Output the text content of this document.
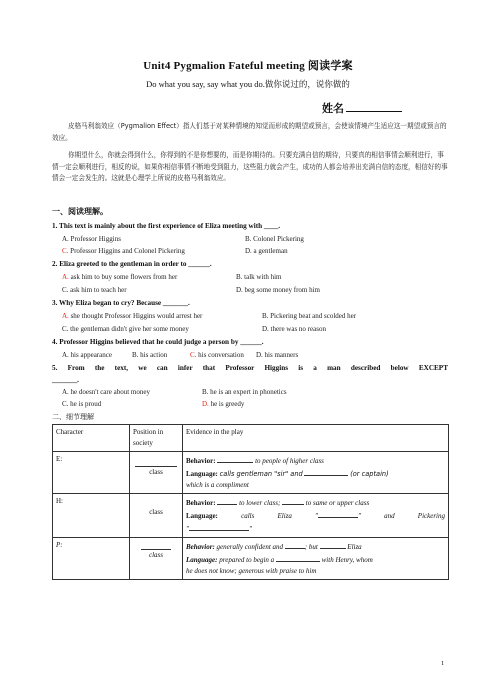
Unit4 Pygmalion Fateful meeting 阅读学案
Do what you say, say what you do.做你说过的，说你做的
姓名

皮格马利翁效应（Pygmalion Effect）指人们基于对某种情境的知觉而形成的期望或预言，会使该情境产生适应这一期望或预言的效应。

你期望什么，你就会得到什么，你得到的不是你想要的，而是你期待的。只要充满自信的期待，只要真的相信事情会顺利进行，事情一定会顺利进行，相反的说，如果你相信事情不断地受到阻力，这些阻力就会产生，成功的人都会培养出充满自信的态度，相信好的事情会一定会发生的。这就是心理学上所说的皮格马利翁效应。

一、阅读理解。
1. This text is mainly about the first experience of Eliza meeting with ____.
A. Professor Higgins	B. Colonel Pickering
C. Professor Higgins and Colonel Pickering	D. a gentleman
2. Eliza greeted to the gentleman in order to ______.
A. ask him to buy some flowers from her	B. talk with him
C. ask him to teach her	D. beg some money from him
3. Why Eliza began to cry? Because _______.
A. she thought Professor Higgins would arrest her	B. Pickering beat and scolded her
C. the gentleman didn't give her some money	D. there was no reason
4. Professor Higgins believed that he could judge a person by ______.
A. his appearance	B. his action	C. his conversation D. his manners
5. From the text, we can infer that Professor Higgins is a man described below EXCEPT
_______.
A. he doesn't care about money	B. he is an expert in phonetics
C. he is proud	D. he is greedy
二、细节理解
Character	Position in society	Evidence in the play
E:	class	Behavior: to people of higher class
Language: calls gentleman "sir" and (or captain)
which is a compliment

H:	class	Behavior: to lower class; to same or upper class
Language: calls Eliza " " and Pickering
" "

P:	class	Behavior: generally confident and ; but Eliza
Language: prepared to begin a with Henry, whom
he does not know; generous with praise to him
1
